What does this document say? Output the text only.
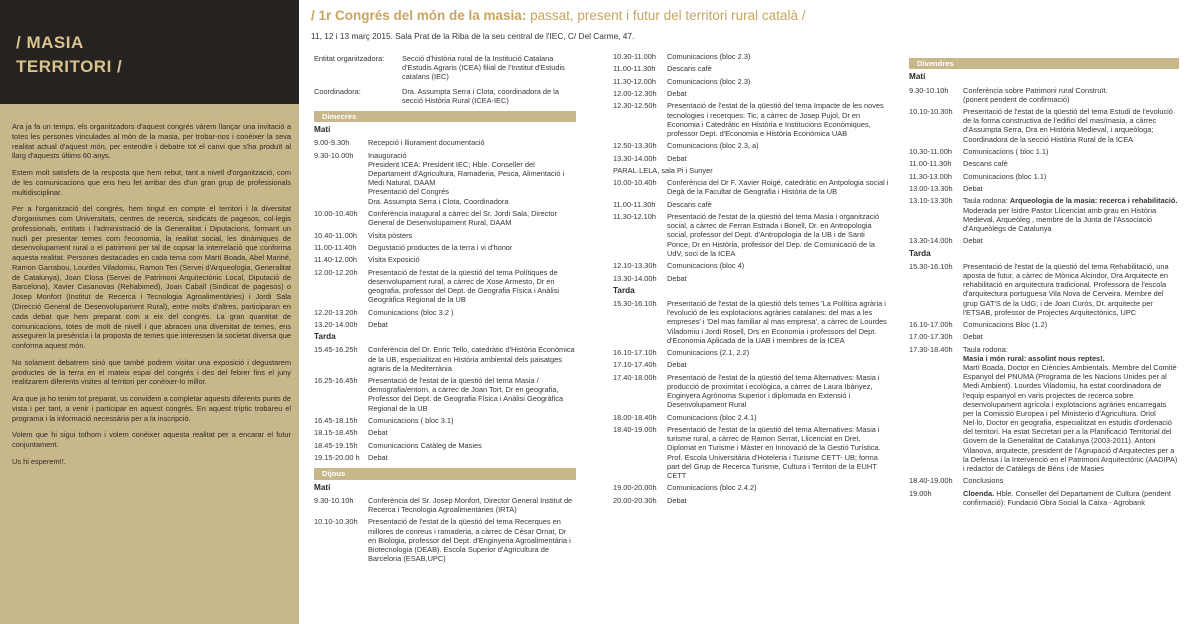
/ MASIA
TERRITORI /

Ara ja fa un temps, els organitzadors d'aquest congrés vàrem llançar una invitació a totes les persones vinculades al món de la masia, per trobar-nos i conèixer la seva realitat actual d'aquest món, per entendre i debatre tot el canvi que s'ha produït al llarg d'aquests últims 60 anys.

Estem molt satisfets de la resposta que hem rebut, tant a nivell d'organització, com de les comunicacions que ens heu fet arribar des d'un gran grup de professionals multidisciplinar.

Per a l'organització del congrés, hem tingut en compte el territori i la diversitat d'organismes com Universitats, centres de recerca, sindicats de pagesos, col·legis professionals, entitats i l'administració de la Generalitat i Diputacions, formant un nucli per presentar temes com l'economia, la realitat social, les dinàmiques de desenvolupament rural o el patrimoni per tal de copsar la interrelació que conforma aquesta realitat. Persones destacades en cada tema com Martí Boada, Abel Mariné, Ramon Garrabou, Lourdes Viladomiu, Ramon Ten (Servei d'Arqueologia, Generalitat de Catalunya), Joan Closa (Servei de Patrimoni Arquitectònic Local, Diputació de Barcelona), Xavier Casanovas (Rehabimed), Joan Caball (Sindicat de pagesos) o Josep Monfort (Institut de Recerca i Tecnologia Agroalimentàries) i Jordi Sala (Direcció General de Desenvolupament Rural), entre molts d'altres, participaran en cada debat que hem preparat com a eix del congrés. La gran quantitat de comunicacions, totes de molt de nivell i que abracen una diversitat de temes, ens asseguren la presència i la proposta de temes que interessen la societat diversa que conforma aquest món.

No solament debatrem sinó que també podrem visitar una exposició i degustarem productes de la terra en el mateix espai del congrés i des del febrer fins el juny realitzarem diferents visites al territori per conèixer-lo millor.

Ara que ja ho tenim tot preparat, us convidem a completar aquests diferents punts de vista i per tant, a venir i participar en aquest congrés. En aquest tríptic trobareu el programa i la informació necessària per a la inscripció.

Volem que hi sigui tothom i volem conèixer aquesta realitat per a encarar el futur conjuntament.

Us hi esperem!!.

/ 1r Congrés del món de la masia: passat, present i futur del territori rural català /
11, 12 i 13 març 2015. Sala Prat de la Riba de la seu central de l'IEC, C/ Del Carme, 47.
Entitat organitzadora:	Secció d'història rural de la Institució Catalana d'Estudis Agraris (ICEA) filial de l'Institut d'Estudis catalans (IEC)
Coordinadora:	Dra. Assumpta Serra i Clota, coordinadora de la secció Història Rural (ICEA-IEC)
Dimecres
Matí
9.00-9.30h	Recepció i lliurament documentació
9.30-10.00h	Inauguració
President ICEA: President IEC; Hble. Conseller del Departament d'Agricultura, Ramaderia, Pesca, Alimentació i Medi Natural, DAAM
Presentació del Congrés
Dra. Assumpta Serra i Clota, Coordinadora
10.00-10.40h	Conferència inaugural a càrrec del Sr. Jordi Sala, Director General de Desenvolupament Rural, DAAM
10.40-11.00h	Visita pòsters
11.00-11.40h	Degustació productes de la terra i vi d'honor
11.40-12.00h	Visita Exposició
12.00-12.20h	Presentació de l'estat de la qüestió del tema Polítiques de desenvolupament rural, a càrrec de Xose Armesto, Dr en geografia, professor del Dept. de Geografia Física i Anàlisi Geogràfica Regional de la UB
12.20-13.20h	Comunicacions (bloc 3.2 )
13.20-14.00h	Debat
Tarda
15.45-16.25h	Conferència del Dr. Enric Tello, catedràtic d'Història Econòmica de la UB, especialitzat en Història ambiental dels paisatges agraris de la Mediterrània
16.25-16.45h	Presentació de l'estat de la qüestió del tema Masia / demografia/entorn, a càrrec de Joan Tort, Dr en geografia, Professor del Dept. de Geografia Física i Anàlisi Geogràfica Regional de la UB
16.45-18.15h	Comunicacions ( bloc 3.1)
18.15-18.45h	Debat
18.45-19.15h	Comunicacions Catàleg de Masies
19.15-20.00 h	Debat
Dijous
Matí
9.30-10.10h	Conferència del Sr. Josep Monfort, Director General Institut de Recerca i Tecnologia Agroalimentàries (IRTA)
10.10-10.30h	Presentació de l'estat de la qüestió del tema Recerques en millores de conreus i ramaderia, a càrrec de Cèsar Ornat, Dr en Biologia, professor del Dept. d'Enginyeria Agroalimentària i Biotecnologia (DEAB). Escola Superior d'Agricultura de Barcelona (ESAB,UPC)
10.30-11.00h	Comunicacions (bloc 2.3)
11.00-11.30h	Descans cafè
11.30-12.00h	Comunicacions (bloc 2.3)
12.00-12.30h	Debat
12.30-12.50h	Presentació de l'estat de la qüestió del tema Impacte de les noves tecnologies i recerques: Tic, a càrrec de Josep Pujol, Dr en Economia i Catedràtic en Història e Institucions Econòmiques, professor Dept. d'Economia e Història Econòmica UAB
12.50-13.30h	Comunicacions (bloc 2.3, a)
13.30-14.00h	Debat
PARAL·LELA, sala Pi i Sunyer
10.00-10.40h	Conferència del Dr F. Xavier Roigé, catedràtic en Antpologia social i Degà de la Facultat de Geografia i Història de la UB
11.00-11.30h	Descans cafè
11.30-12.10h	Presentació de l'estat de la qüestió del tema Masia i organització social, a càrrec de Ferran Estrada i Bonell, Dr. en Antropologia social, professor del Dept. d'Antropologia de la UB i de Santi Ponce, Dr en Història, professor del Dep. de Comunicació de la UdV, soci de la ICEA
12.10-13.30h	Comunicacions (bloc 4)
13.30-14.00h	Debat
Tarda
15.30-16.10h	Presentació de l'estat de la qüestió dels temes 'La Política agrària i l'evolució de les explotacions agràries catalanes: del mas a les empreses' i 'Del mas familiar al mas empresa', a càrrec de Lourdes Viladomiu i Jordi Rosell, Drs en Economia i professors del Dept. d'Economia Aplicada de la UAB i membres de la ICEA
16.10-17.10h	Comunicacions (2.1, 2.2)
17.10-17.40h	Debat
17.40-18.00h	Presentació de l'estat de la qüestió del tema Alternatives: Masia i producció de proximitat i ecològica, a càrrec de Laura Ibànyez, Enginyera Agrònoma Superior i diplomada en Extensió i Desenvolupament Rural
18.00-18.40h	Comunicacions (bloc 2.4.1)
18.40-19.00h	Presentació de l'estat de la qüestió del tema Alternatives: Masia i turisme rural, a càrrec de Ramon Serrat, Llicenciat en Dret, Diplomat en Turisme i Màster en Innovació de la Gestió Turística. Prof. Escola Universitària d'Hoteleria i Turisme CETT- UB; forma part del Grup de Recerca Turisme, Cultura i Territori de la EUHT CETT
19.00-20.00h	Comunicacions (bloc 2.4.2)
20.00-20.30h	Debat
Divendres
Matí
9.30-10.10h	Conferència sobre Patrimoni rural Construït.
(ponent pendent de confirmació)
10.10-10.30h	Presentació de l'estat de la qüestió del tema Estudi de l'evolució de la forma constructiva de l'edifici del mas/masia, a càrrec d'Assumpta Serra, Dra en Història Medieval, i arqueòloga; Coordinadora de la secció Història Rural de la ICEA
10.30-11.00h	Comunicacions ( bloc 1.1)
11.00-11.30h	Descans cafè
11.30-13.00h	Comunicacions (bloc 1.1)
13.00-13.30h	Debat
13.10-13.30h	Taula rodona: Arqueologia de la masia: recerca i rehabilitació. Moderada per Isidre Pastor Llicenciat amb grau en Història Medieval, Arqueòleg , membre de la Junta de l'Associació d'Arqueòlegs de Catalunya
13.30-14.00h	Debat
Tarda
15.30-16.10h	Presentació de l'estat de la qüestió del tema Rehabilitació, una aposta de futur, a càrrec de Mònica Alcindor, Dra Arquitecte en rehabilitació en arquitectura tradicional. Professora de l'escola d'arquitectura portuguesa Vila Nova de Cerveira. Membre del grup GAT'S de la UdG; i de Joan Curós, Dr. arquitecte per l'ETSAB, professor de Projectes Arquitectònics, UPC
16.10-17.00h	Comunicacions Bloc (1.2)
17.00-17.30h	Debat
17.30-18.40h	Taula rodona:
Masia i món rural: assolint nous reptes!.
Martí Boada, Doctor en Ciències Ambientals. Membre del Comitè Espanyol del PNUMA (Programa de les Nacions Unides per al Medi Ambient). Lourdes Viladomiu, ha estat coordinadora de l'equip espanyol en varis projectes de recerca sobre desenvolupament agrícola i explotacions agràries encarregats per la Comissió Europea i pel Ministerio d'Agricultura. Oriol Nel·lo, Doctor en geografia, especialitzat en estudis d'ordenació del territori. Ha estat Secretari per a la Planificació Territorial del Govern de la Generalitat de Catalunya (2003-2011). Antoni Vilanova, arquitecte, president de l'Agrupació d'Arquitectes per a la Defensa i la Intervenció en el Patrimoni Arquitectònic (AADIPA) i redactor de Catàlegs de Béns i de Masies
18.40-19.00h	Conclusions
19.00h	Cloenda. Hble. Conseller del Departament de Cultura (pendent confirmació): Fundació Obra Social la Caixa - Agrobank
